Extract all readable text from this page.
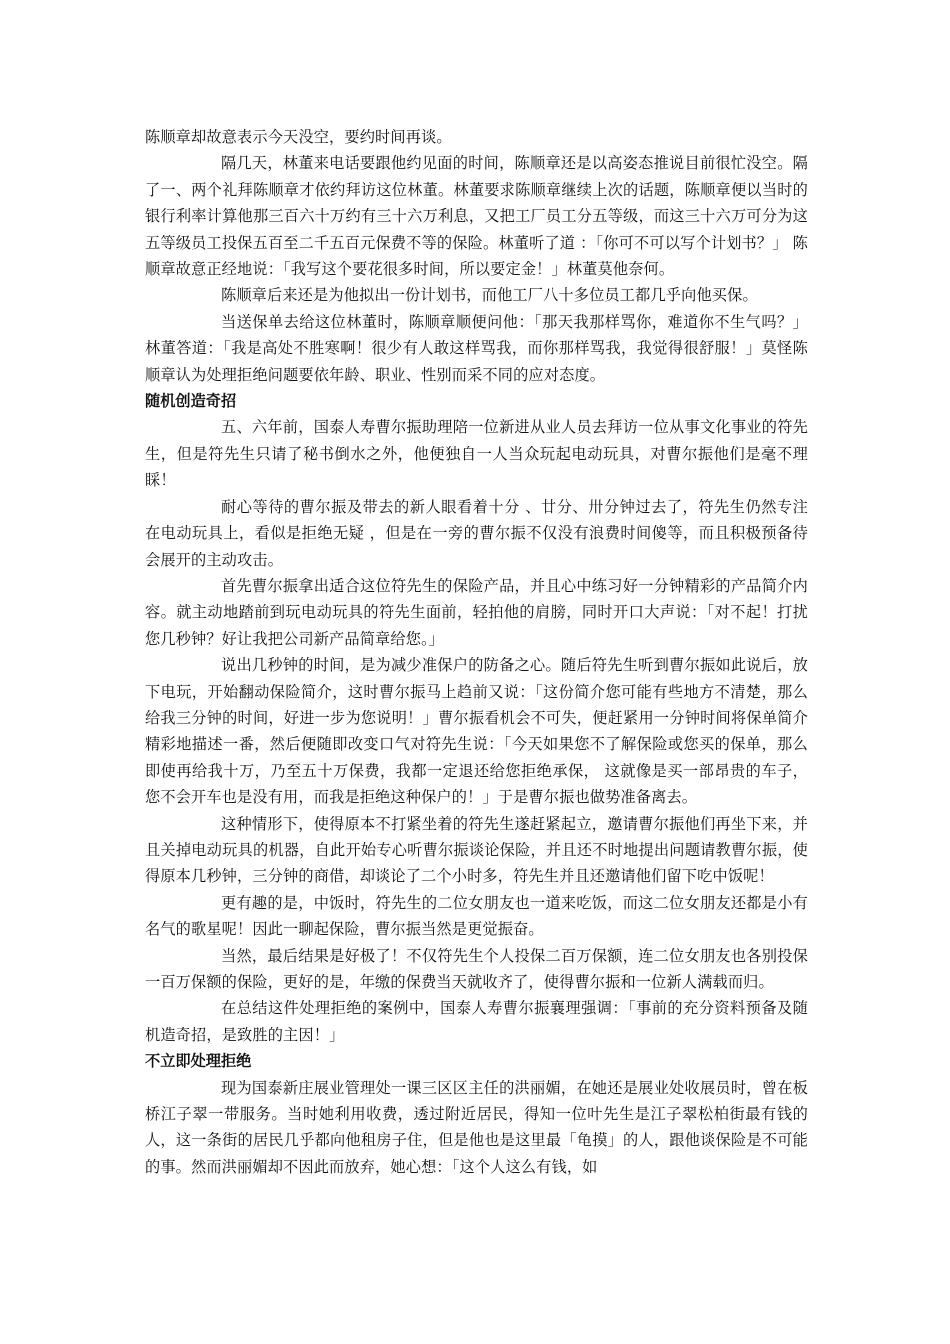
陈顺章却故意表示今天没空，要约时间再谈。

隔几天，林董来电话要跟他约见面的时间，陈顺章还是以高姿态推说目前很忙没空。隔了一、两个礼拜陈顺章才依约拜访这位林董。林董要求陈顺章继续上次的话题，陈顺章便以当时的银行利率计算他那三百六十万约有三十六万利息，又把工厂员工分五等级，而这三十六万可分为这五等级员工投保五百至二千五百元保费不等的保险。林董听了道 ：「你可不可以写个计划书？」 陈顺章故意正经地说：「我写这个要花很多时间，所以要定金！」林董莫他奈何。

陈顺章后来还是为他拟出一份计划书，而他工厂八十多位员工都几乎向他买保。

当送保单去给这位林董时，陈顺章顺便问他：「那天我那样骂你，难道你不生气吗？」林董答道：「我是高处不胜寒啊！很少有人敢这样骂我，而你那样骂我，我觉得很舒服！」莫怪陈顺章认为处理拒绝问题要依年龄、职业、性别而采不同的应对态度。

随机创造奇招

五、六年前，国泰人寿曹尔振助理陪一位新进从业人员去拜访一位从事文化事业的符先生，但是符先生只请了秘书倒水之外，他便独自一人当众玩起电动玩具，对曹尔振他们是毫不理睬！

耐心等待的曹尔振及带去的新人眼看着十分 、廿分、卅分钟过去了，符先生仍然专注在电动玩具上，看似是拒绝无疑 ，但是在一旁的曹尔振不仅没有浪费时间傻等，而且积极预备待会展开的主动攻击。

首先曹尔振拿出适合这位符先生的保险产品，并且心中练习好一分钟精彩的产品简介内容。就主动地踏前到玩电动玩具的符先生面前，轻拍他的肩膀，同时开口大声说：「对不起！打扰您几秒钟？好让我把公司新产品简章给您。」

说出几秒钟的时间，是为减少准保户的防备之心。随后符先生听到曹尔振如此说后，放下电玩，开始翻动保险简介，这时曹尔振马上趋前又说：「这份简介您可能有些地方不清楚，那么给我三分钟的时间，好进一步为您说明！」曹尔振看机会不可失，便赶紧用一分钟时间将保单简介精彩地描述一番，然后便随即改变口气对符先生说：「今天如果您不了解保险或您买的保单，那么即使再给我十万，乃至五十万保费，我都一定退还给您拒绝承保， 这就像是买一部昂贵的车子，您不会开车也是没有用，而我是拒绝这种保户的！」于是曹尔振也做势准备离去。

这种情形下，使得原本不打紧坐着的符先生遂赶紧起立，邀请曹尔振他们再坐下来，并且关掉电动玩具的机器，自此开始专心听曹尔振谈论保险，并且还不时地提出问题请教曹尔振，使得原本几秒钟，三分钟的商借，却谈论了二个小时多，符先生并且还邀请他们留下吃中饭呢！

更有趣的是，中饭时，符先生的二位女朋友也一道来吃饭，而这二位女朋友还都是小有名气的歌星呢！因此一聊起保险，曹尔振当然是更觉振奋。

当然，最后结果是好极了！不仅符先生个人投保二百万保额，连二位女朋友也各别投保一百万保额的保险，更好的是，年缴的保费当天就收齐了，使得曹尔振和一位新人满载而归。

在总结这件处理拒绝的案例中，国泰人寿曹尔振襄理强调：「事前的充分资料预备及随机造奇招，是致胜的主因！」

不立即处理拒绝

现为国泰新庄展业管理处一课三区区主任的洪丽媚，在她还是展业处收展员时，曾在板桥江子翠一带服务。当时她利用收费，透过附近居民，得知一位叶先生是江子翠松柏街最有钱的人，这一条街的居民几乎都向他租房子住，但是他也是这里最「龟摸」的人，跟他谈保险是不可能的事。然而洪丽媚却不因此而放弃，她心想：「这个人这么有钱，如
